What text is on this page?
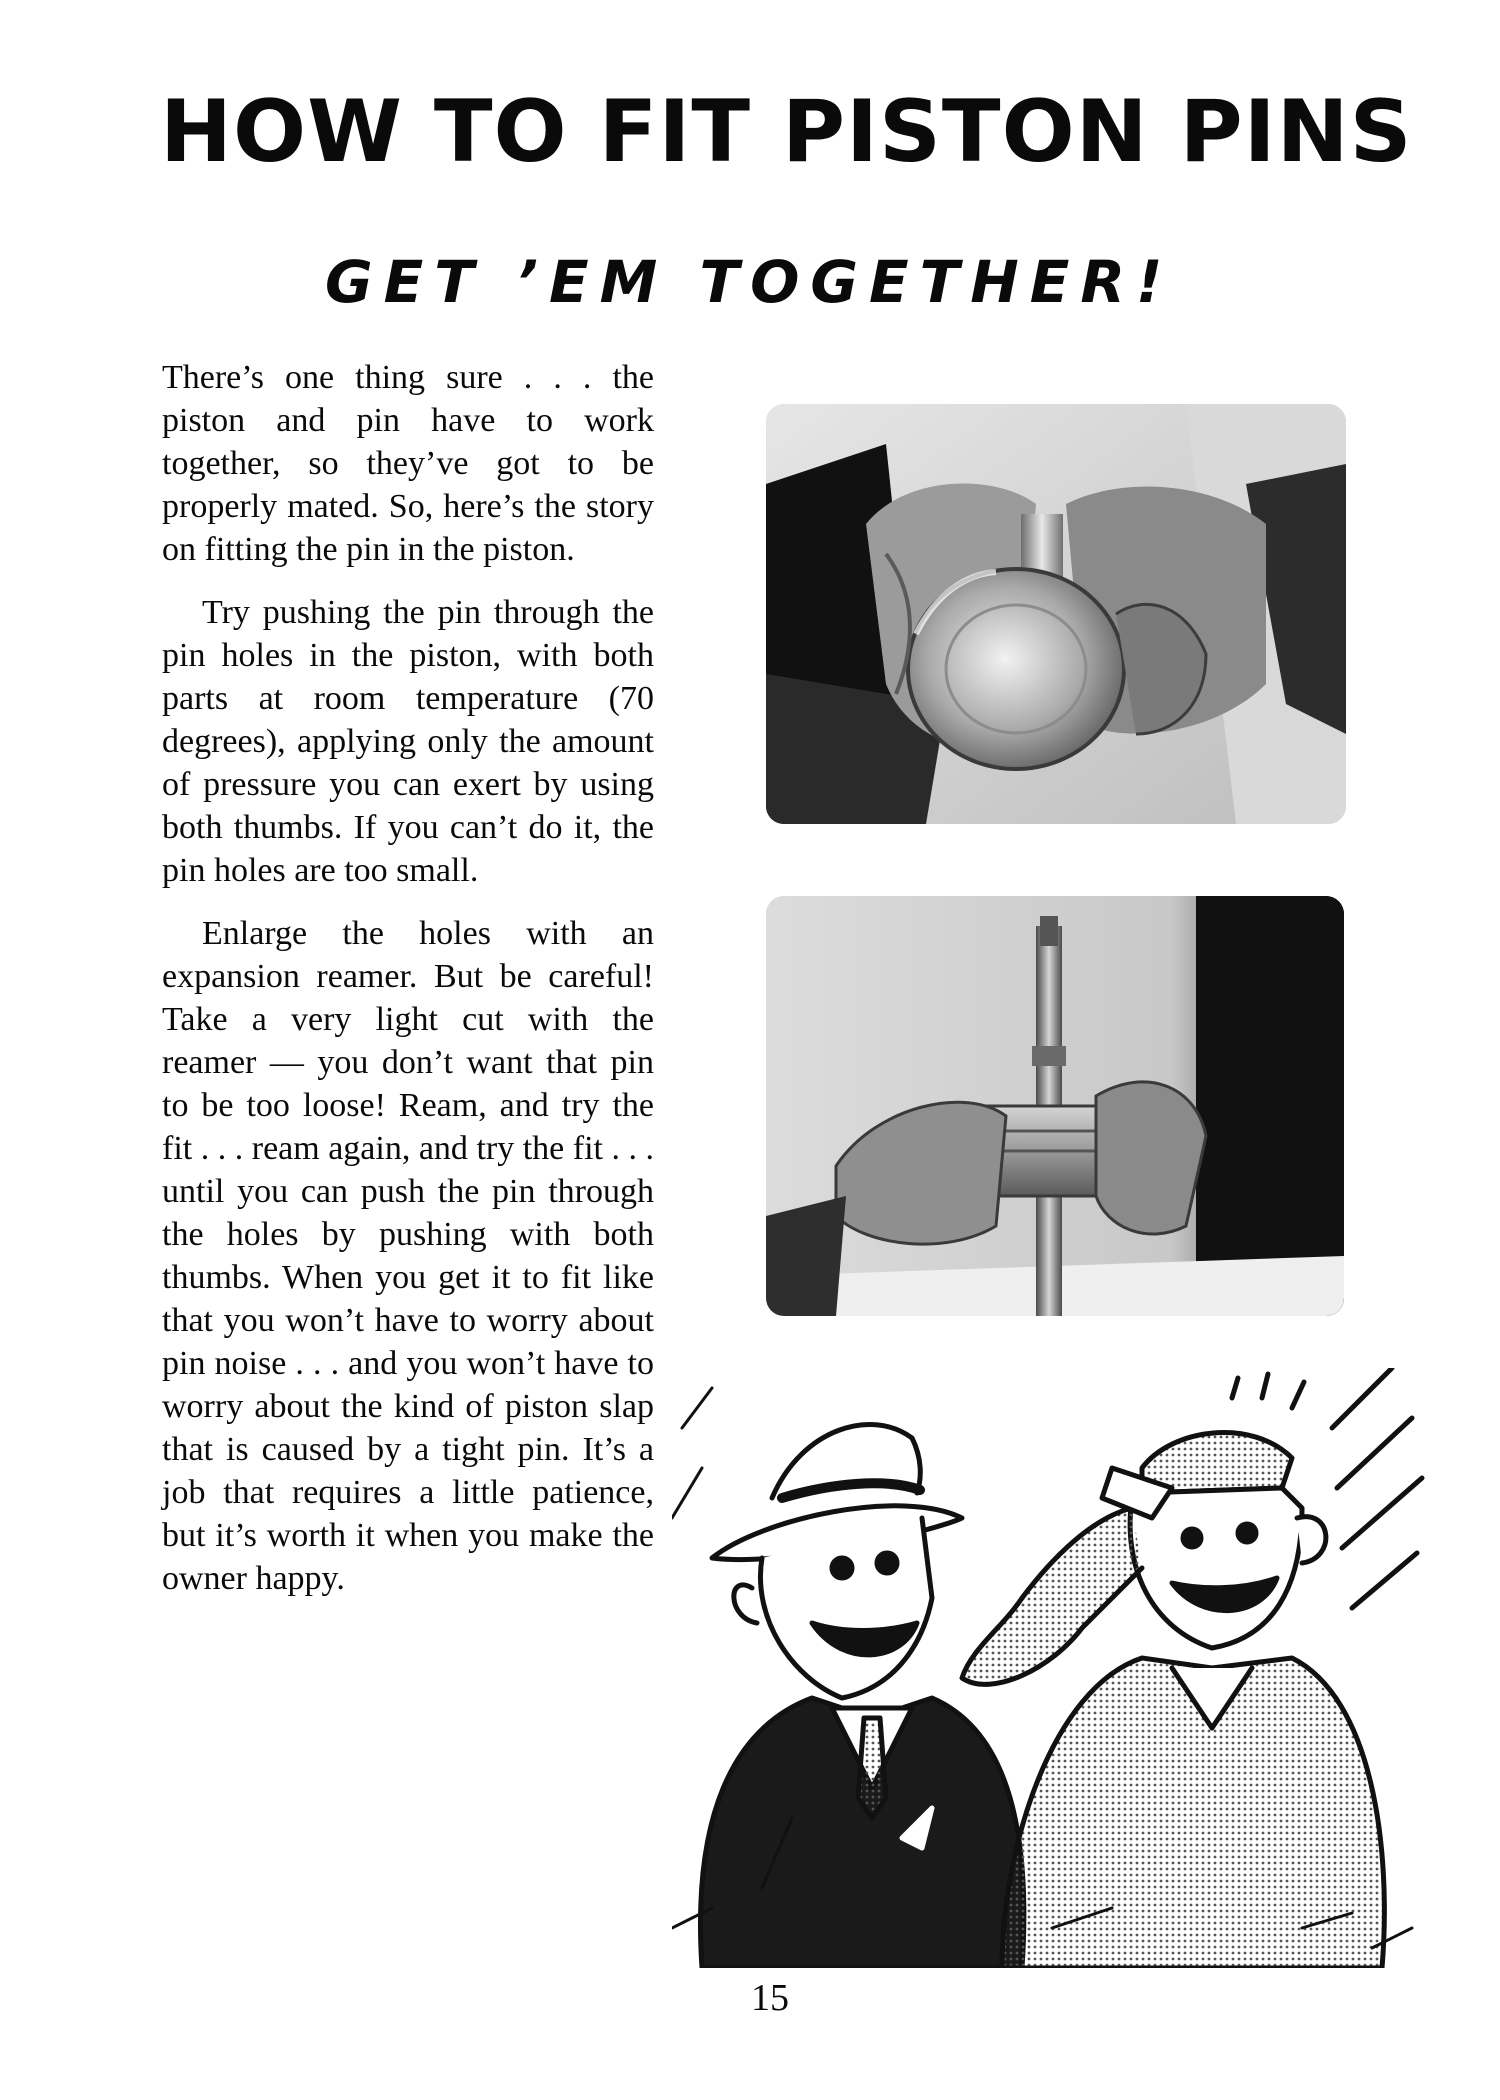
HOW TO FIT PISTON PINS
GET ’EM TOGETHER!

There’s one thing sure . . . the piston and pin have to work together, so they’ve got to be properly mated. So, here’s the story on fitting the pin in the piston.

Try pushing the pin through the pin holes in the piston, with both parts at room temperature (70 degrees), applying only the amount of pressure you can exert by using both thumbs. If you can’t do it, the pin holes are too small.

Enlarge the holes with an expansion reamer. But be careful! Take a very light cut with the reamer — you don’t want that pin to be too loose! Ream, and try the fit . . . ream again, and try the fit . . . until you can push the pin through the holes by pushing with both thumbs. When you get it to fit like that you won’t have to worry about pin noise . . . and you won’t have to worry about the kind of piston slap that is caused by a tight pin. It’s a job that requires a little patience, but it’s worth it when you make the owner happy.

15
